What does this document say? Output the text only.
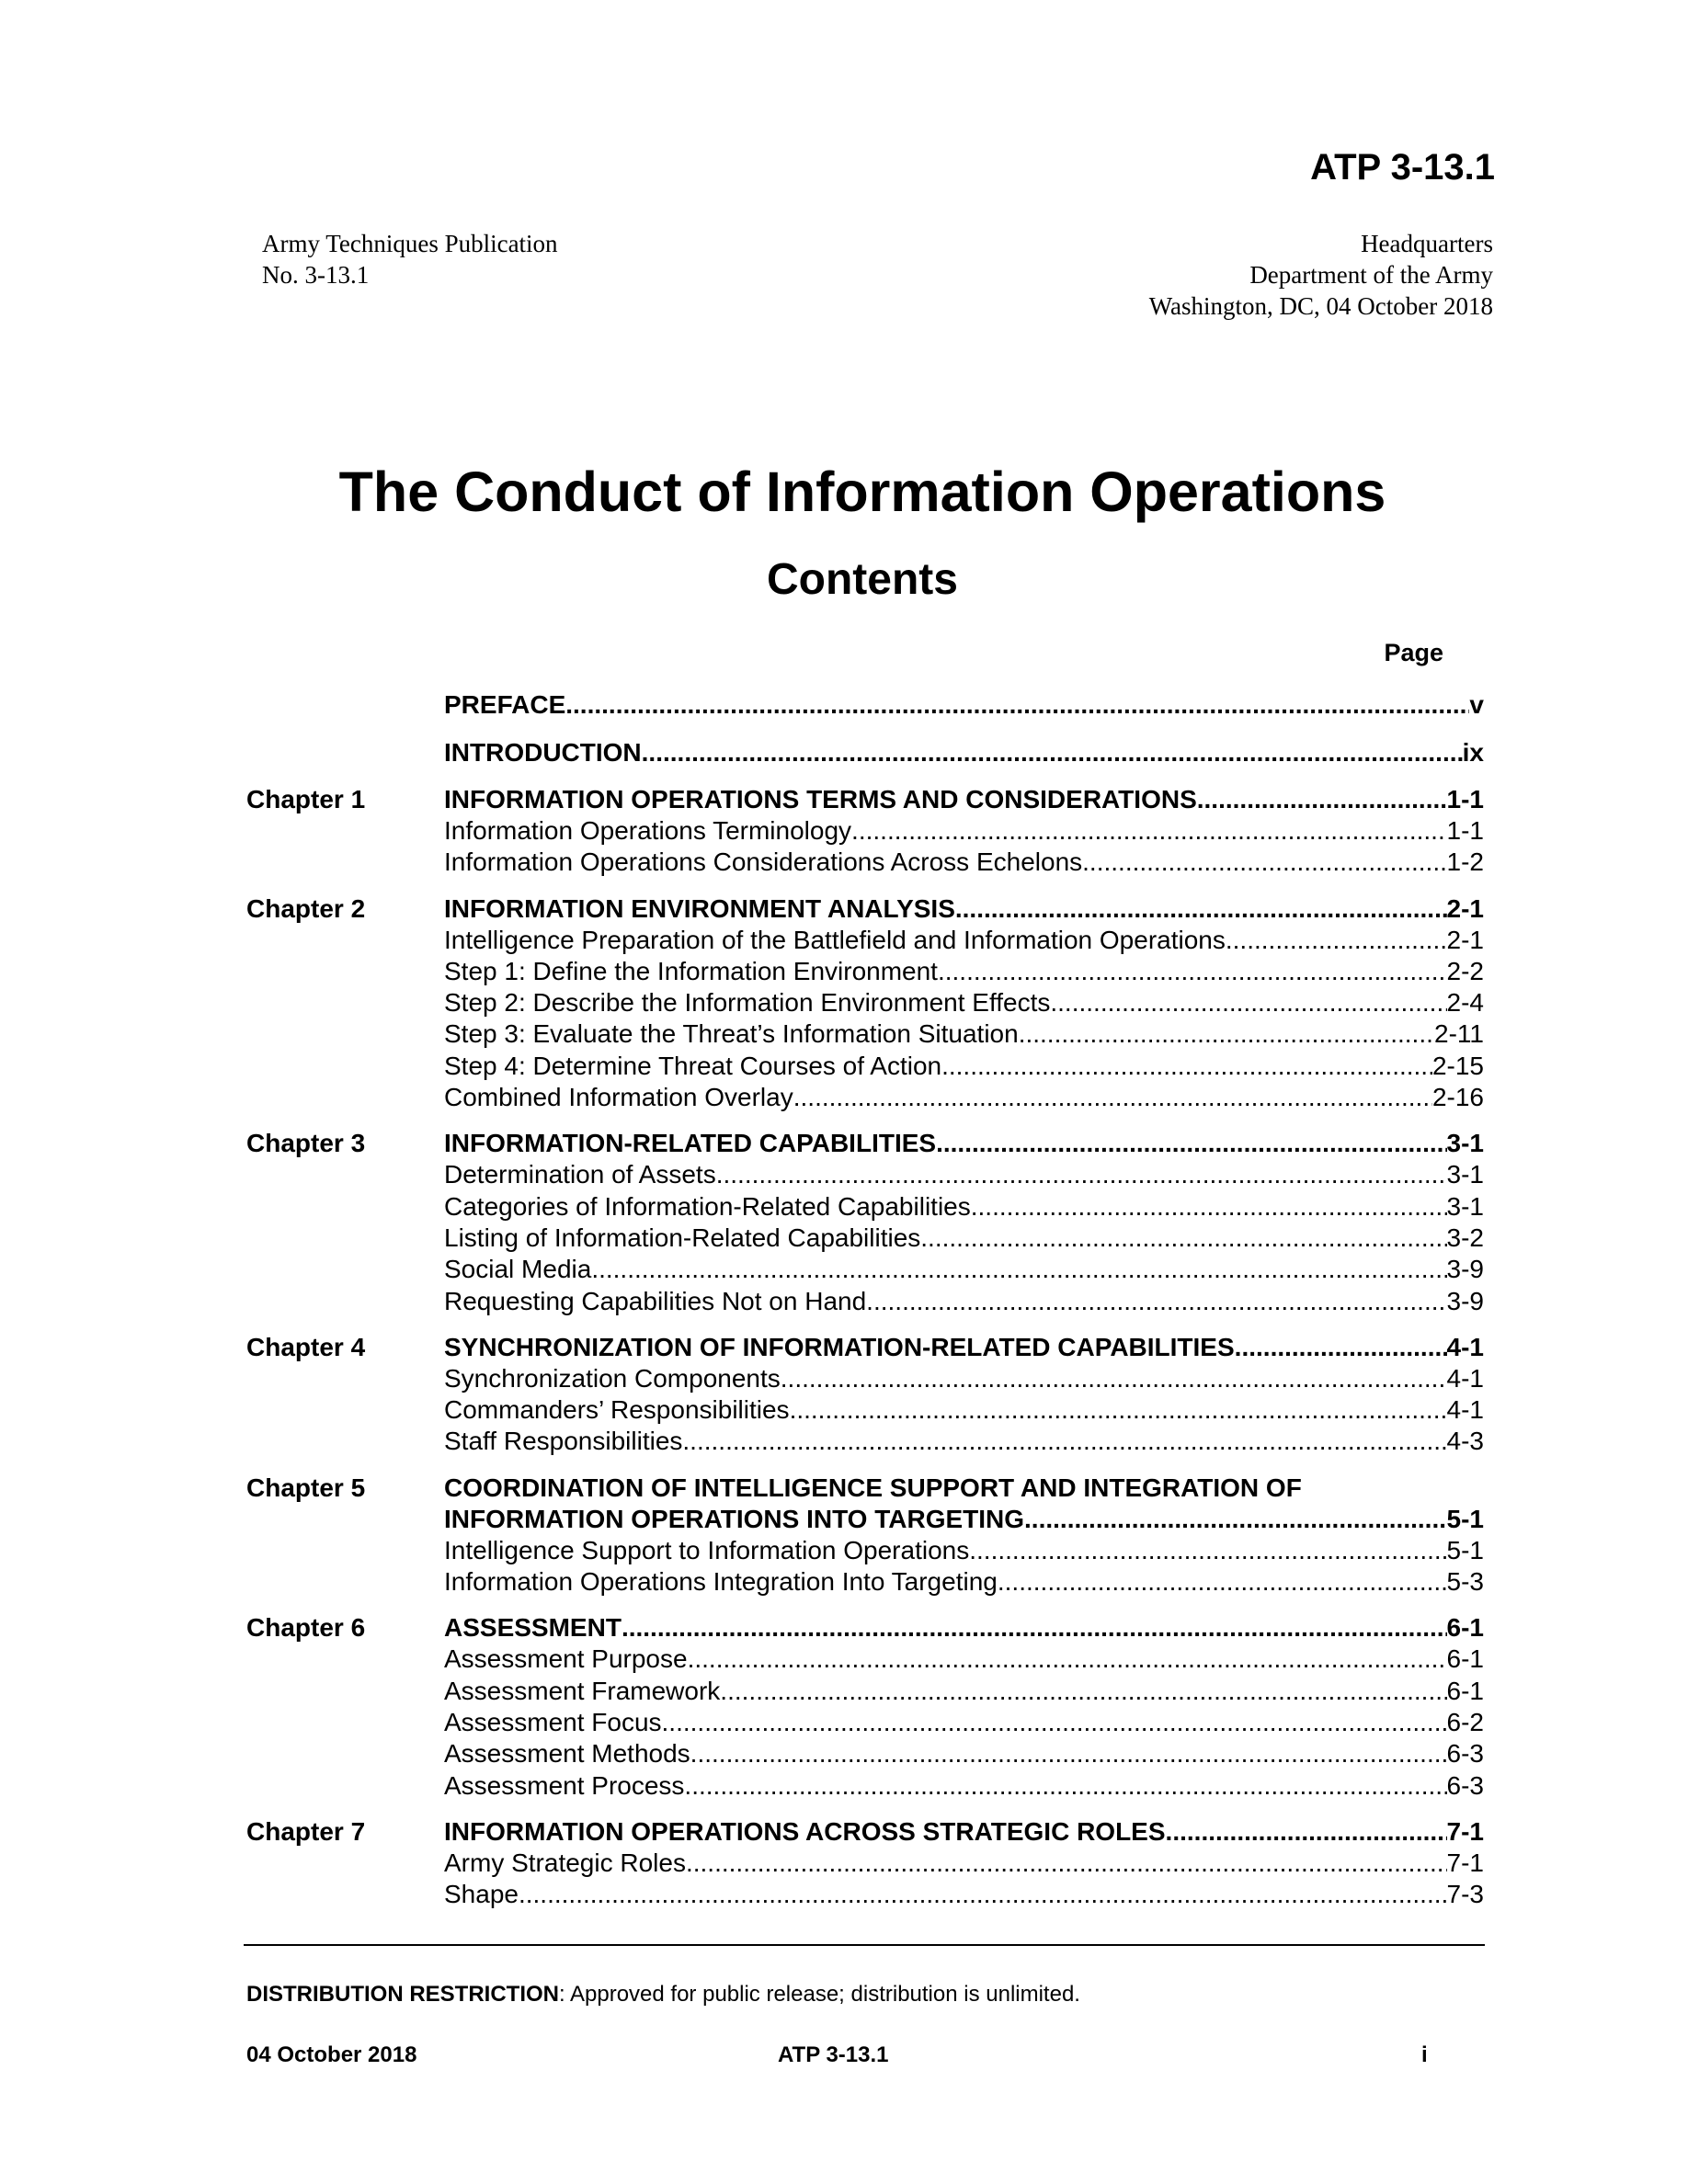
ATP 3-13.1
Army Techniques Publication
No. 3-13.1
Headquarters
Department of the Army
Washington, DC, 04 October 2018
The Conduct of Information Operations
Contents
Page
PREFACE .....	v
INTRODUCTION .....	ix
Chapter 1	INFORMATION OPERATIONS TERMS AND CONSIDERATIONS .....	1-1
Information Operations Terminology .....	1-1
Information Operations Considerations Across Echelons .....	1-2
Chapter 2	INFORMATION ENVIRONMENT ANALYSIS .....	2-1
Intelligence Preparation of the Battlefield and Information Operations .....	2-1
Step 1: Define the Information Environment .....	2-2
Step 2: Describe the Information Environment Effects .....	2-4
Step 3: Evaluate the Threat’s Information Situation .....	2-11
Step 4: Determine Threat Courses of Action .....	2-15
Combined Information Overlay .....	2-16
Chapter 3	INFORMATION-RELATED CAPABILITIES .....	3-1
Determination of Assets .....	3-1
Categories of Information-Related Capabilities .....	3-1
Listing of Information-Related Capabilities .....	3-2
Social Media .....	3-9
Requesting Capabilities Not on Hand .....	3-9
Chapter 4	SYNCHRONIZATION OF INFORMATION-RELATED CAPABILITIES .....	4-1
Synchronization Components .....	4-1
Commanders’ Responsibilities .....	4-1
Staff Responsibilities .....	4-3
Chapter 5	COORDINATION OF INTELLIGENCE SUPPORT AND INTEGRATION OF
INFORMATION OPERATIONS INTO TARGETING .....	5-1
Intelligence Support to Information Operations .....	5-1
Information Operations Integration Into Targeting .....	5-3
Chapter 6	ASSESSMENT .....	6-1
Assessment Purpose .....	6-1
Assessment Framework .....	6-1
Assessment Focus .....	6-2
Assessment Methods .....	6-3
Assessment Process .....	6-3
Chapter 7	INFORMATION OPERATIONS ACROSS STRATEGIC ROLES .....	7-1
Army Strategic Roles .....	7-1
Shape .....	7-3
DISTRIBUTION RESTRICTION: Approved for public release; distribution is unlimited.
04 October 2018	ATP 3-13.1	i
